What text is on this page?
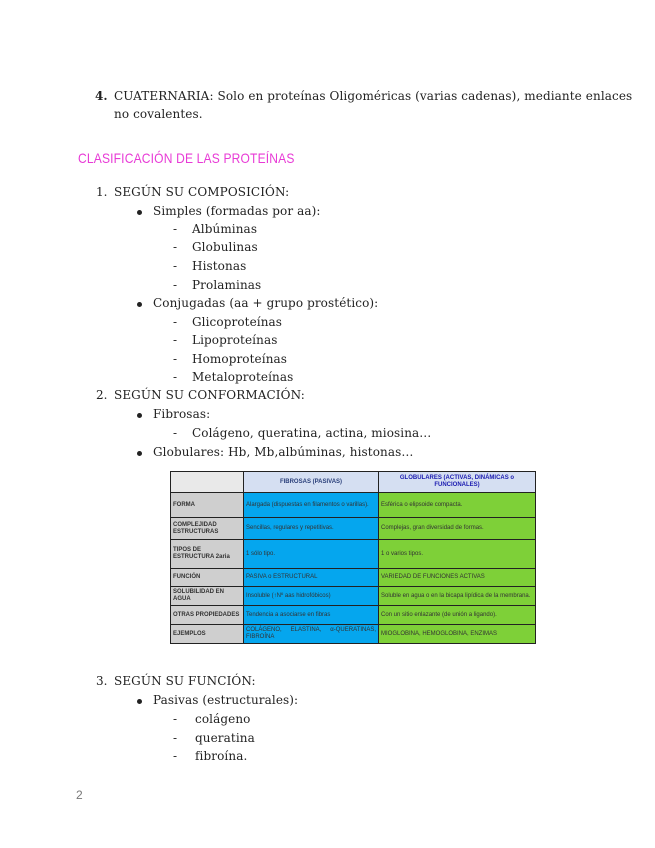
4. CUATERNARIA: Solo en proteínas Oligoméricas (varias cadenas), mediante enlaces
no covalentes.
CLASIFICACIÓN DE LAS PROTEÍNAS
1. SEGÚN SU COMPOSICIÓN:
Simples (formadas por aa):
- Albúminas
- Globulinas
- Histonas
- Prolaminas
Conjugadas (aa + grupo prostético):
- Glicoproteínas
- Lipoproteínas
- Homoproteínas
- Metaloproteínas
2. SEGÚN SU CONFORMACIÓN:
Fibrosas:
- Colágeno, queratina, actina, miosina…
Globulares: Hb, Mb,albúminas, histonas…
	FIBROSAS (PASIVAS)	GLOBULARES (ACTIVAS, DINÁMICAS o FUNCIONALES)
FORMA	Alargada (dispuestas en filamentos o varillas).	Esférica o elipsoide compacta.
COMPLEJIDAD ESTRUCTURAS	Sencillas, regulares y repetitivas.	Complejas, gran diversidad de formas.
TIPOS DE ESTRUCTURA 2aria	1 sólo tipo.	1 o varios tipos.
FUNCIÓN	PASIVA o ESTRUCTURAL	VARIEDAD DE FUNCIONES ACTIVAS
SOLUBILIDAD EN AGUA	Insoluble (↑Nº aas hidrofóbicos)	Soluble en agua o en la bicapa lipídica de la membrana.
OTRAS PROPIEDADES	Tendencia a asociarse en fibras	Con un sitio enlazante (de unión a ligando).
EJEMPLOS	COLÁGENO, ELASTINA, α-QUERATINAS, FIBROÍNA	MIOGLOBINA, HEMOGLOBINA, ENZIMAS
3. SEGÚN SU FUNCIÓN:
Pasivas (estructurales):
- colágeno
- queratina
- fibroína.
2
